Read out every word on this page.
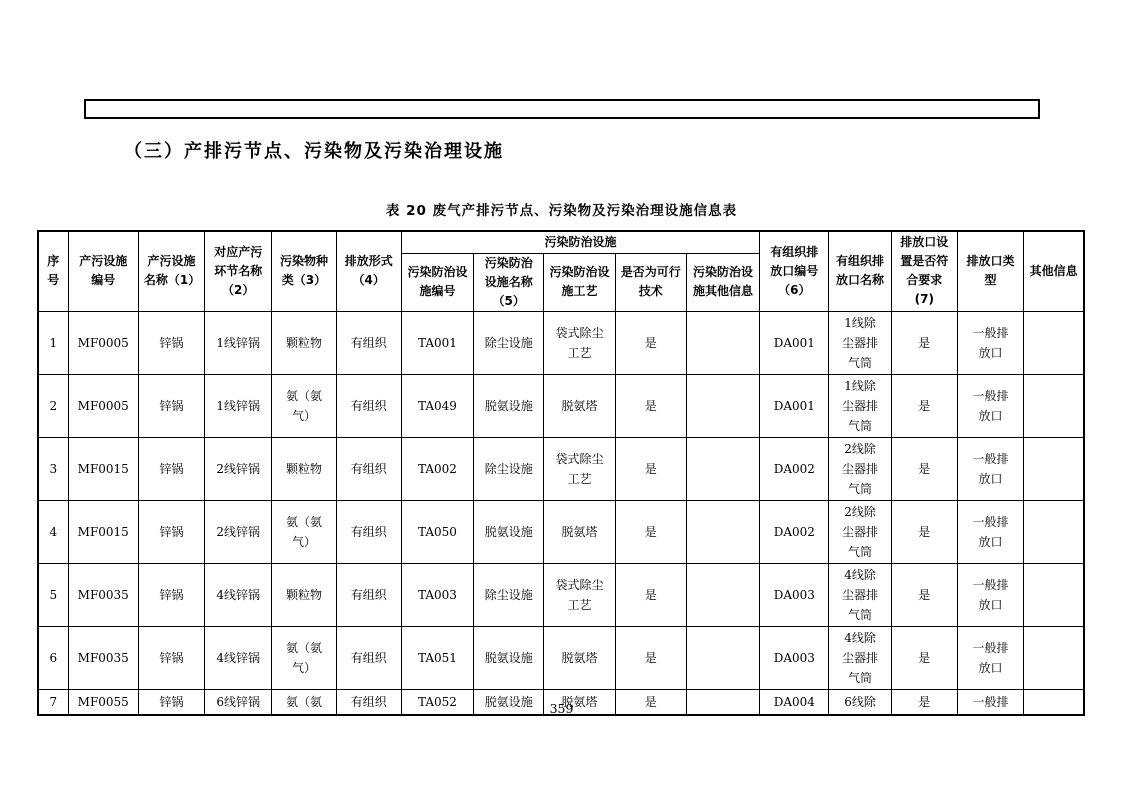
（三）产排污节点、污染物及污染治理设施
表 20 废气产排污节点、污染物及污染治理设施信息表
序号	产污设施编号	产污设施名称（1）	对应产污环节名称（2）	污染物种类（3）	排放形式（4）	污染防治设施					有组织排放口编号（6）	有组织排放口名称	排放口设置是否符合要求(7)	排放口类型	其他信息
						污染防治设施编号	污染防治设施名称（5）	污染防治设施工艺	是否为可行技术	污染防治设施其他信息					
1	MF0005	锌锅	1线锌锅	颗粒物	有组织	TA001	除尘设施	袋式除尘工艺	是		DA001	1线除尘器排气筒	是	一般排放口	
2	MF0005	锌锅	1线锌锅	氨（氨气）	有组织	TA049	脱氨设施	脱氨塔	是		DA001	1线除尘器排气筒	是	一般排放口	
3	MF0015	锌锅	2线锌锅	颗粒物	有组织	TA002	除尘设施	袋式除尘工艺	是		DA002	2线除尘器排气筒	是	一般排放口	
4	MF0015	锌锅	2线锌锅	氨（氨气）	有组织	TA050	脱氨设施	脱氨塔	是		DA002	2线除尘器排气筒	是	一般排放口	
5	MF0035	锌锅	4线锌锅	颗粒物	有组织	TA003	除尘设施	袋式除尘工艺	是		DA003	4线除尘器排气筒	是	一般排放口	
6	MF0035	锌锅	4线锌锅	氨（氨气）	有组织	TA051	脱氨设施	脱氨塔	是		DA003	4线除尘器排气筒	是	一般排放口	
7	MF0055	锌锅	6线锌锅	氨（氨	有组织	TA052	脱氨设施	脱氨塔	是		DA004	6线除	是	一般排	
359
